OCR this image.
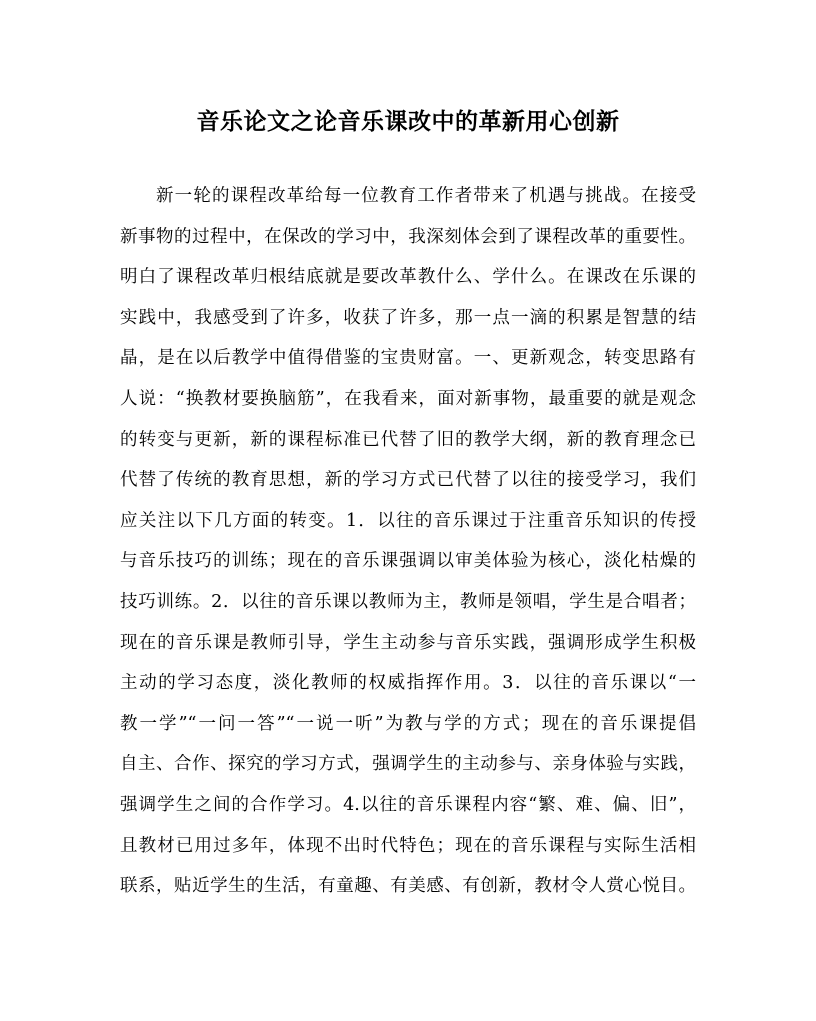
音乐论文之论音乐课改中的革新用心创新
新一轮的课程改革给每一位教育工作者带来了机遇与挑战。在接受
新事物的过程中，在保改的学习中，我深刻体会到了课程改革的重要性。
明白了课程改革归根结底就是要改革教什么、学什么。在课改在乐课的
实践中，我感受到了许多，收获了许多，那一点一滴的积累是智慧的结
晶，是在以后教学中值得借鉴的宝贵财富。一、更新观念，转变思路有
人说：“换教材要换脑筋”，在我看来，面对新事物，最重要的就是观念
的转变与更新，新的课程标准已代替了旧的教学大纲，新的教育理念已
代替了传统的教育思想，新的学习方式已代替了以往的接受学习，我们
应关注以下几方面的转变。1．以往的音乐课过于注重音乐知识的传授
与音乐技巧的训练；现在的音乐课强调以审美体验为核心，淡化枯燥的
技巧训练。2．以往的音乐课以教师为主，教师是领唱，学生是合唱者；
现在的音乐课是教师引导，学生主动参与音乐实践，强调形成学生积极
主动的学习态度，淡化教师的权威指挥作用。3．以往的音乐课以“一
教一学”“一问一答”“一说一听”为教与学的方式；现在的音乐课提倡
自主、合作、探究的学习方式，强调学生的主动参与、亲身体验与实践，
强调学生之间的合作学习。4.以往的音乐课程内容“繁、难、偏、旧”，
且教材已用过多年，体现不出时代特色；现在的音乐课程与实际生活相
联系，贴近学生的生活，有童趣、有美感、有创新，教材令人赏心悦目。
